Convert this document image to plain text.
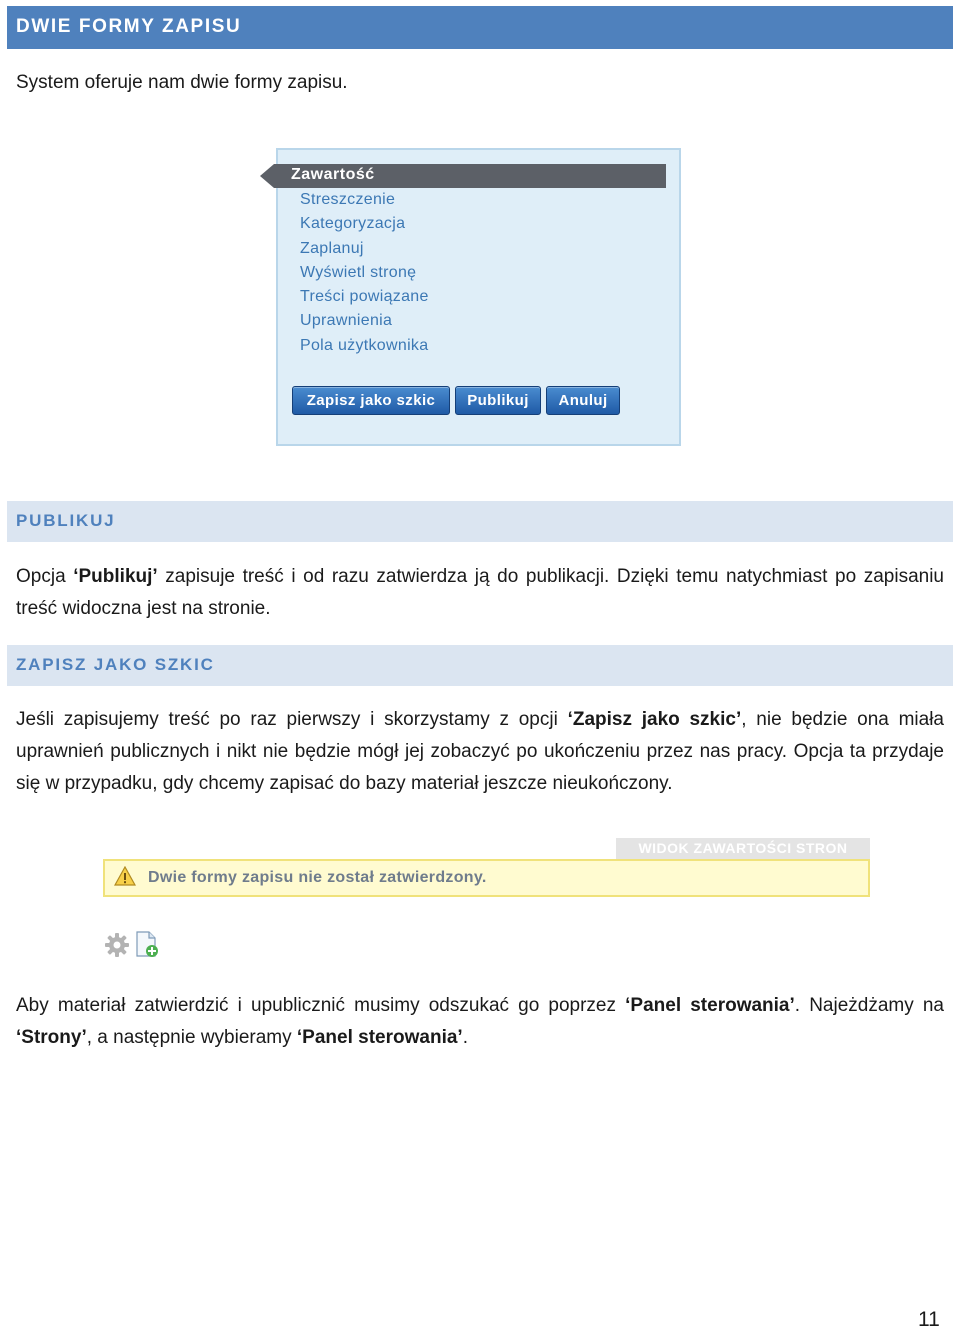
DWIE FORMY ZAPISU
System oferuje nam dwie formy zapisu.
Zawartość
Streszczenie
Kategoryzacja
Zaplanuj
Wyświetl stronę
Treści powiązane
Uprawnienia
Pola użytkownika
Zapisz jako szkic	Publikuj	Anuluj
PUBLIKUJ
Opcja ‘Publikuj’ zapisuje treść i od razu zatwierdza ją do publikacji. Dzięki temu natychmiast po zapisaniu treść widoczna jest na stronie.
ZAPISZ JAKO SZKIC
Jeśli zapisujemy treść po raz pierwszy i skorzystamy z opcji ‘Zapisz jako szkic’, nie będzie ona miała uprawnień publicznych i nikt nie będzie mógł jej zobaczyć po ukończeniu przez nas pracy. Opcja ta przydaje się w przypadku, gdy chcemy zapisać do bazy materiał jeszcze nieukończony.
WIDOK ZAWARTOŚCI STRON
Dwie formy zapisu nie został zatwierdzony.
Aby materiał zatwierdzić i upublicznić musimy odszukać go poprzez ‘Panel sterowania’. Najeżdżamy na ‘Strony’, a następnie wybieramy ‘Panel sterowania’.
11
